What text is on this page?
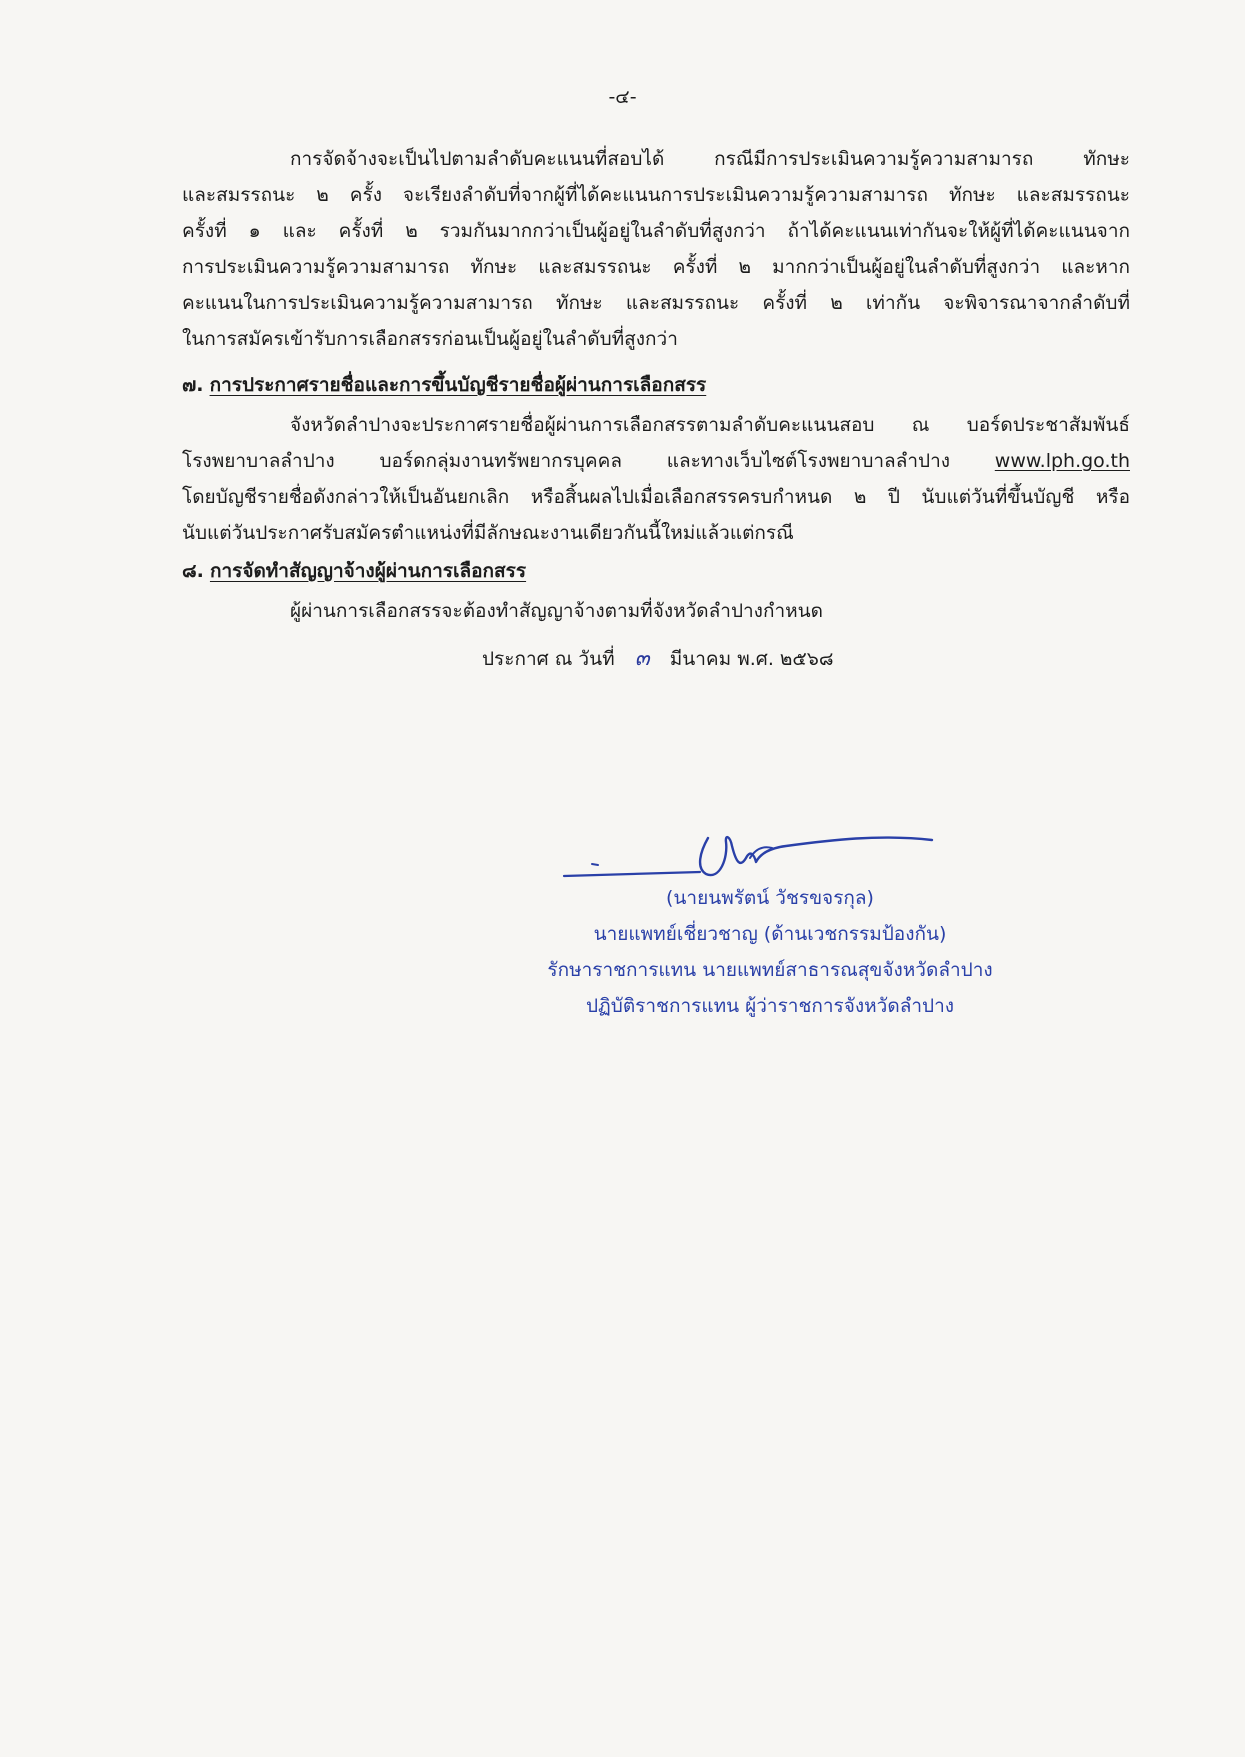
-๔-
การจัดจ้างจะเป็นไปตามลำดับคะแนนที่สอบได้ กรณีมีการประเมินความรู้ความสามารถ ทักษะ
และสมรรถนะ ๒ ครั้ง จะเรียงลำดับที่จากผู้ที่ได้คะแนนการประเมินความรู้ความสามารถ ทักษะ และสมรรถนะ
ครั้งที่ ๑ และ ครั้งที่ ๒ รวมกันมากกว่าเป็นผู้อยู่ในลำดับที่สูงกว่า ถ้าได้คะแนนเท่ากันจะให้ผู้ที่ได้คะแนนจาก
การประเมินความรู้ความสามารถ ทักษะ และสมรรถนะ ครั้งที่ ๒ มากกว่าเป็นผู้อยู่ในลำดับที่สูงกว่า และหาก
คะแนนในการประเมินความรู้ความสามารถ ทักษะ และสมรรถนะ ครั้งที่ ๒ เท่ากัน จะพิจารณาจากลำดับที่
ในการสมัครเข้ารับการเลือกสรรก่อนเป็นผู้อยู่ในลำดับที่สูงกว่า
๗. การประกาศรายชื่อและการขึ้นบัญชีรายชื่อผู้ผ่านการเลือกสรร
จังหวัดลำปางจะประกาศรายชื่อผู้ผ่านการเลือกสรรตามลำดับคะแนนสอบ ณ บอร์ดประชาสัมพันธ์
โรงพยาบาลลำปาง บอร์ดกลุ่มงานทรัพยากรบุคคล และทางเว็บไซต์โรงพยาบาลลำปาง www.lph.go.th
โดยบัญชีรายชื่อดังกล่าวให้เป็นอันยกเลิก หรือสิ้นผลไปเมื่อเลือกสรรครบกำหนด ๒ ปี นับแต่วันที่ขึ้นบัญชี หรือ
นับแต่วันประกาศรับสมัครตำแหน่งที่มีลักษณะงานเดียวกันนี้ใหม่แล้วแต่กรณี
๘. การจัดทำสัญญาจ้างผู้ผ่านการเลือกสรร
ผู้ผ่านการเลือกสรรจะต้องทำสัญญาจ้างตามที่จังหวัดลำปางกำหนด
ประกาศ ณ วันที่ ๓ มีนาคม พ.ศ. ๒๕๖๘
(นายนพรัตน์ วัชรขจรกุล)
นายแพทย์เชี่ยวชาญ (ด้านเวชกรรมป้องกัน)
รักษาราชการแทน นายแพทย์สาธารณสุขจังหวัดลำปาง
ปฏิบัติราชการแทน ผู้ว่าราชการจังหวัดลำปาง
